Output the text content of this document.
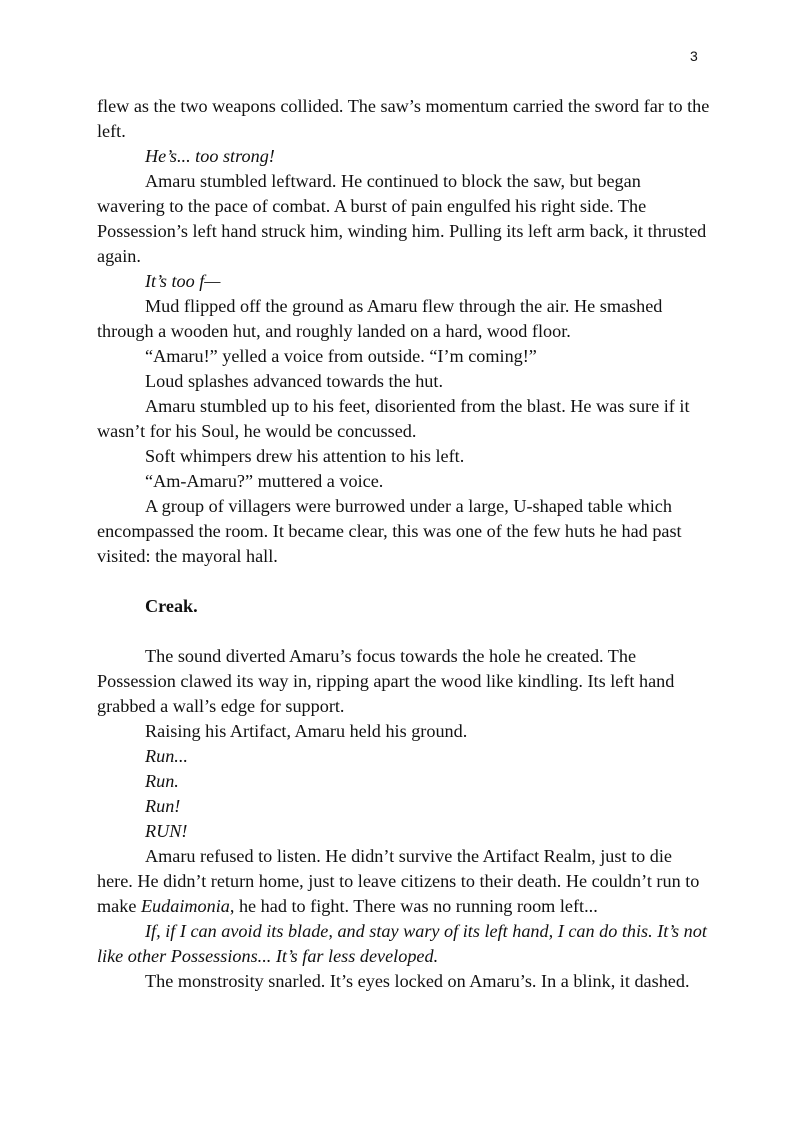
3

flew as the two weapons collided. The saw’s momentum carried the sword far to the left.

He’s... too strong!

Amaru stumbled leftward. He continued to block the saw, but began wavering to the pace of combat. A burst of pain engulfed his right side. The Possession’s left hand struck him, winding him. Pulling its left arm back, it thrusted again.

It’s too f—

Mud flipped off the ground as Amaru flew through the air. He smashed through a wooden hut, and roughly landed on a hard, wood floor.

“Amaru!” yelled a voice from outside. “I’m coming!”

Loud splashes advanced towards the hut.

Amaru stumbled up to his feet, disoriented from the blast. He was sure if it wasn’t for his Soul, he would be concussed.

Soft whimpers drew his attention to his left.

“Am-Amaru?” muttered a voice.

A group of villagers were burrowed under a large, U-shaped table which encompassed the room. It became clear, this was one of the few huts he had past visited: the mayoral hall.

Creak.

The sound diverted Amaru’s focus towards the hole he created. The Possession clawed its way in, ripping apart the wood like kindling. Its left hand grabbed a wall’s edge for support.

Raising his Artifact, Amaru held his ground.

Run...

Run.

Run!

RUN!

Amaru refused to listen. He didn’t survive the Artifact Realm, just to die here. He didn’t return home, just to leave citizens to their death. He couldn’t run to make Eudaimonia, he had to fight. There was no running room left...

If, if I can avoid its blade, and stay wary of its left hand, I can do this. It’s not like other Possessions... It’s far less developed.

The monstrosity snarled. It’s eyes locked on Amaru’s. In a blink, it dashed.
